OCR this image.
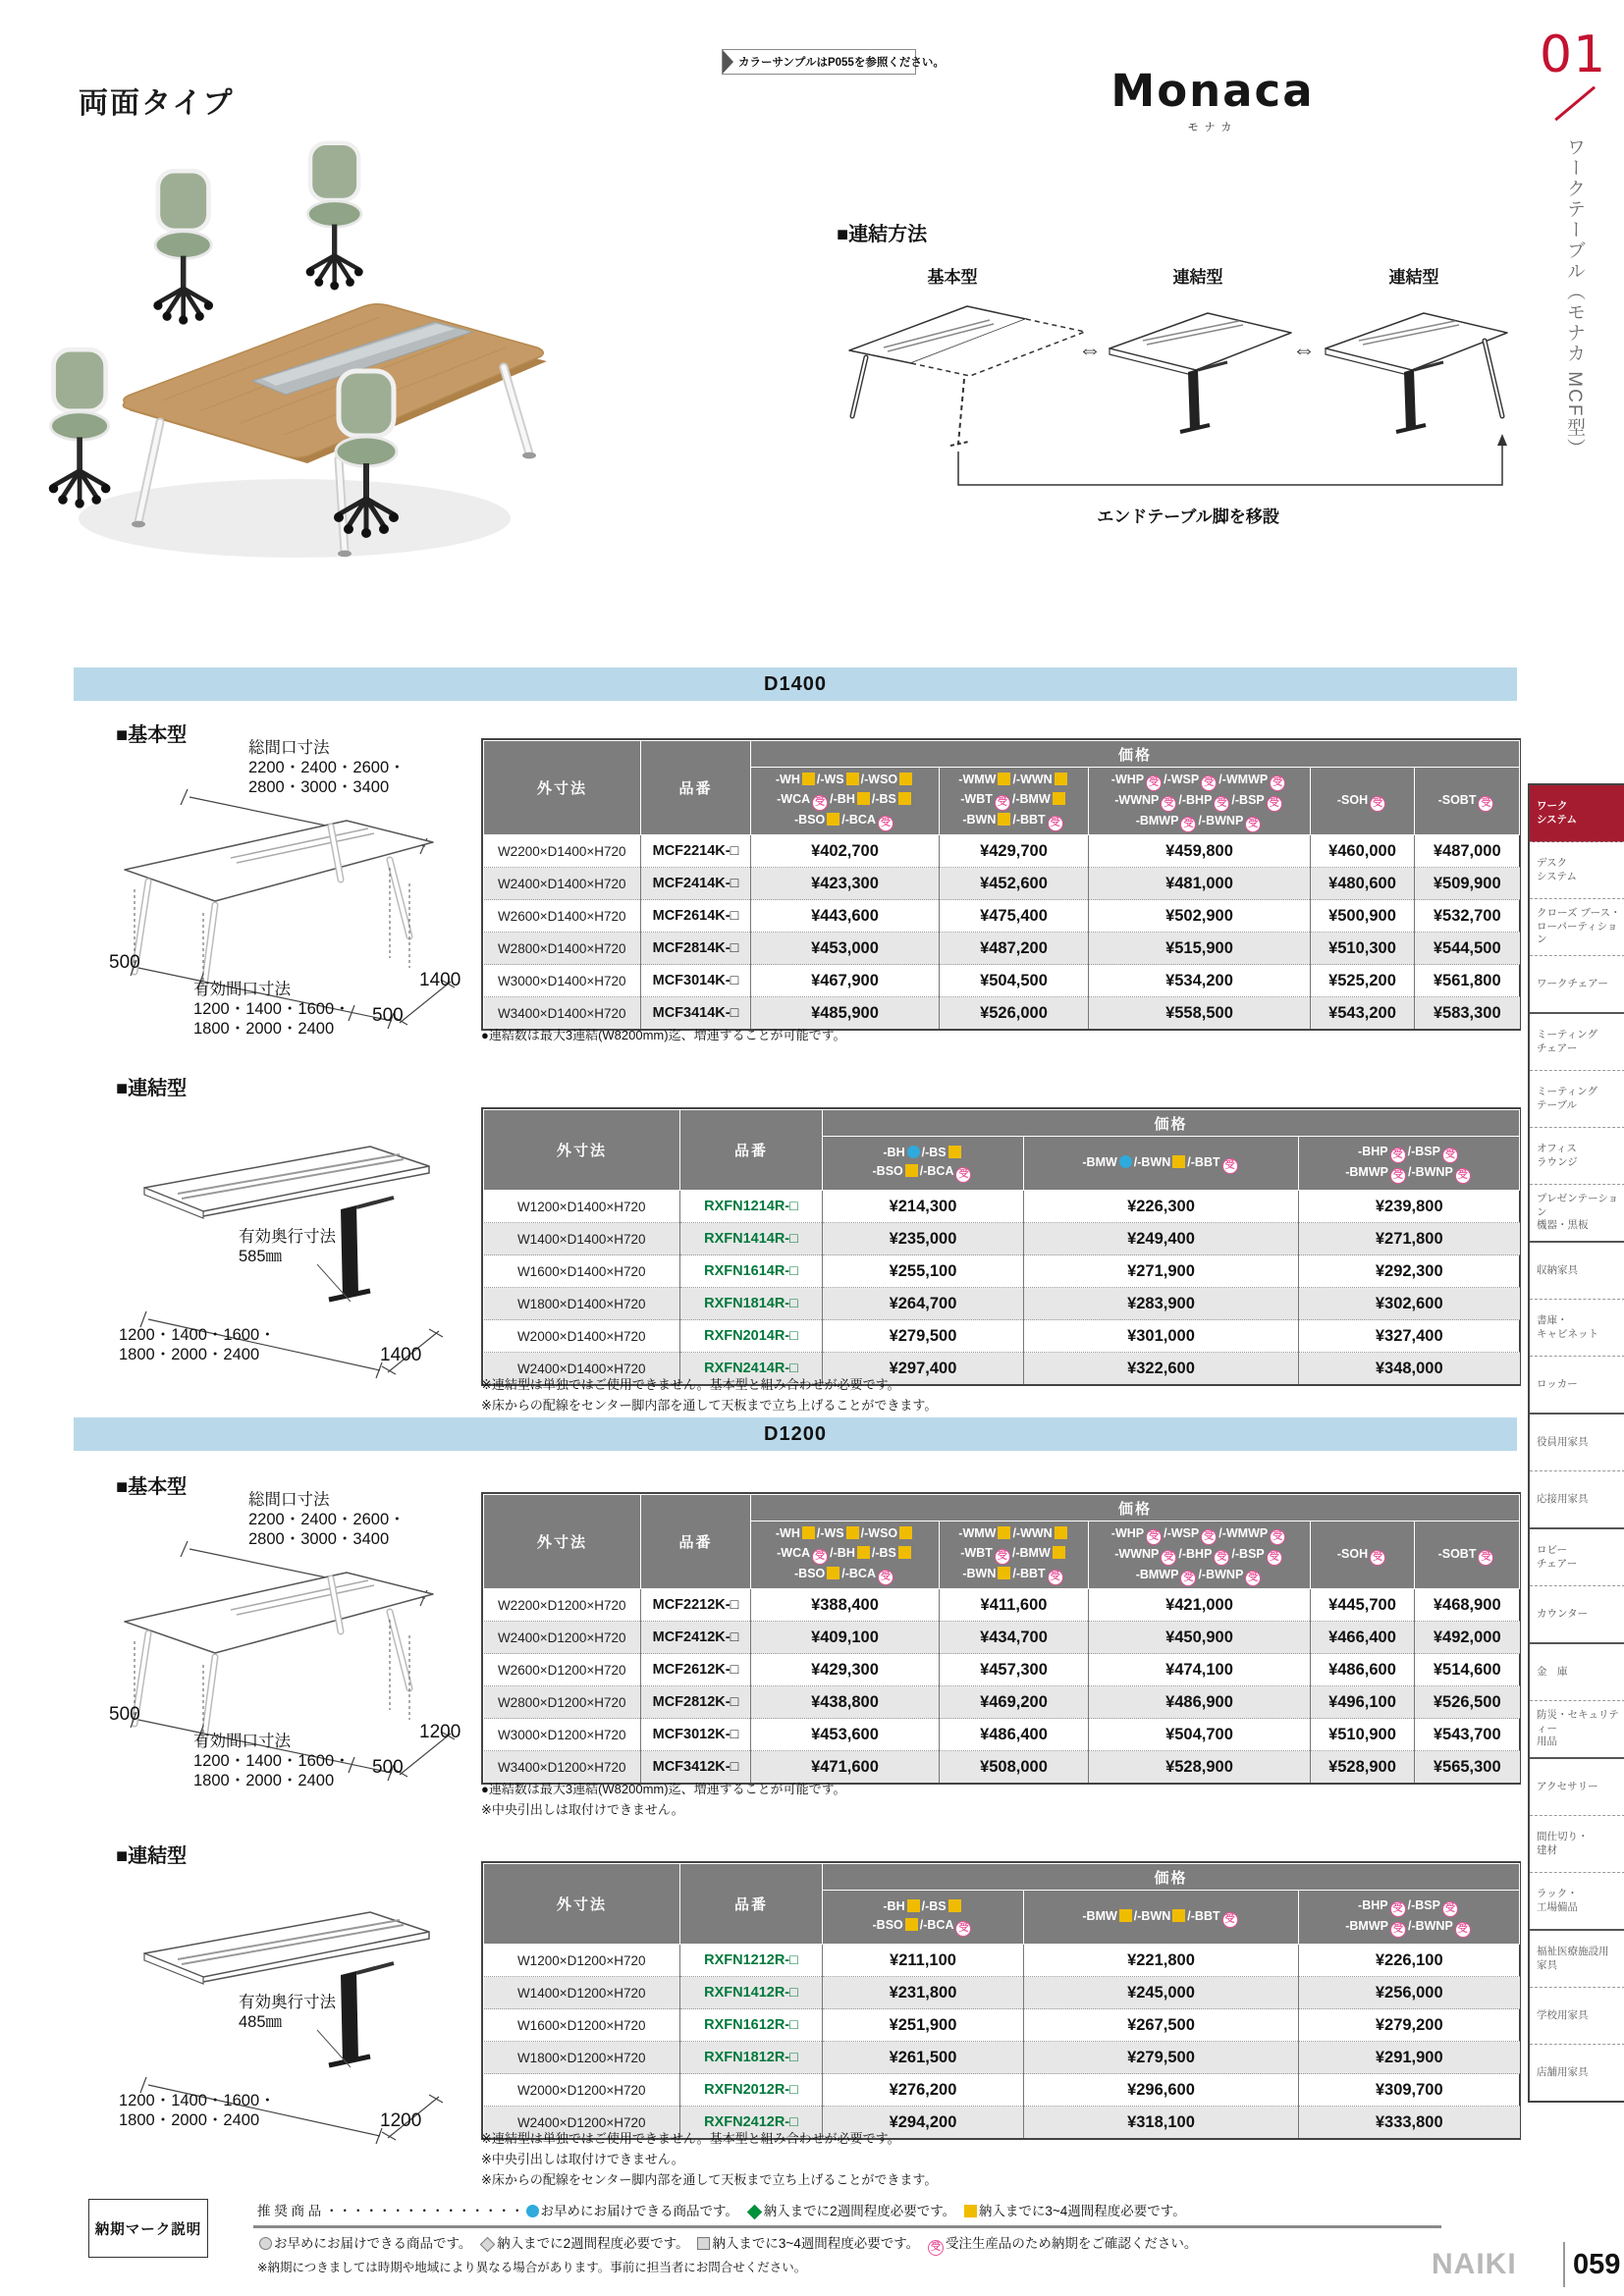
カラーサンプルはP055を参照ください。
Monaca
モナカ
01
ワークテーブル（モナカ MCF型）
両面タイプ
■連結方法
基本型	連結型	連結型
⇔	⇔
エンドテーブル脚を移設
D1400
■基本型
総間口寸法
2200・2400・2600・
2800・3000・3400
500
有効間口寸法
1200・1400・1600・
1800・2000・2400
500
1400
外寸法	品番	価格				
		-WH /-WS /-WSO
-WCA 受 /-BH /-BS
-BSO /-BCA 受	-WMW /-WWN
-WBT 受 /-BMW
-BWN /-BBT 受	-WHP 受 /-WSP 受 /-WMWP 受
-WWNP 受 /-BHP 受 /-BSP 受
-BMWP 受 /-BWNP 受	-SOH 受	-SOBT 受
W2200×D1400×H720	MCF2214K-□	¥402,700	¥429,700	¥459,800	¥460,000	¥487,000
W2400×D1400×H720	MCF2414K-□	¥423,300	¥452,600	¥481,000	¥480,600	¥509,900
W2600×D1400×H720	MCF2614K-□	¥443,600	¥475,400	¥502,900	¥500,900	¥532,700
W2800×D1400×H720	MCF2814K-□	¥453,000	¥487,200	¥515,900	¥510,300	¥544,500
W3000×D1400×H720	MCF3014K-□	¥467,900	¥504,500	¥534,200	¥525,200	¥561,800
W3400×D1400×H720	MCF3414K-□	¥485,900	¥526,000	¥558,500	¥543,200	¥583,300
●連結数は最大3連結(W8200mm)迄、増連することが可能です。
■連結型
有効奥行寸法
585㎜
1200・1400・1600・
1800・2000・2400	1400
外寸法	品番	価格		
		-BH /-BS
-BSO /-BCA 受	-BMW /-BWN /-BBT 受	-BHP 受 /-BSP 受
-BMWP 受 /-BWNP 受
W1200×D1400×H720	RXFN1214R-□	¥214,300	¥226,300	¥239,800
W1400×D1400×H720	RXFN1414R-□	¥235,000	¥249,400	¥271,800
W1600×D1400×H720	RXFN1614R-□	¥255,100	¥271,900	¥292,300
W1800×D1400×H720	RXFN1814R-□	¥264,700	¥283,900	¥302,600
W2000×D1400×H720	RXFN2014R-□	¥279,500	¥301,000	¥327,400
W2400×D1400×H720	RXFN2414R-□	¥297,400	¥322,600	¥348,000
※連結型は単独ではご使用できません。基本型と組み合わせが必要です。
※床からの配線をセンター脚内部を通して天板まで立ち上げることができます。
D1200
■基本型
総間口寸法
2200・2400・2600・
2800・3000・3400
500
有効間口寸法
1200・1400・1600・
1800・2000・2400
500
1200
外寸法	品番	価格				
		-WH /-WS /-WSO
-WCA 受 /-BH /-BS
-BSO /-BCA 受	-WMW /-WWN
-WBT 受 /-BMW
-BWN /-BBT 受	-WHP 受 /-WSP 受 /-WMWP 受
-WWNP 受 /-BHP 受 /-BSP 受
-BMWP 受 /-BWNP 受	-SOH 受	-SOBT 受
W2200×D1200×H720	MCF2212K-□	¥388,400	¥411,600	¥421,000	¥445,700	¥468,900
W2400×D1200×H720	MCF2412K-□	¥409,100	¥434,700	¥450,900	¥466,400	¥492,000
W2600×D1200×H720	MCF2612K-□	¥429,300	¥457,300	¥474,100	¥486,600	¥514,600
W2800×D1200×H720	MCF2812K-□	¥438,800	¥469,200	¥486,900	¥496,100	¥526,500
W3000×D1200×H720	MCF3012K-□	¥453,600	¥486,400	¥504,700	¥510,900	¥543,700
W3400×D1200×H720	MCF3412K-□	¥471,600	¥508,000	¥528,900	¥528,900	¥565,300
●連結数は最大3連結(W8200mm)迄、増連することが可能です。
※中央引出しは取付けできません。
■連結型
有効奥行寸法
485㎜
1200・1400・1600・
1800・2000・2400	1200
外寸法	品番	価格		
		-BH /-BS
-BSO /-BCA 受	-BMW /-BWN /-BBT 受	-BHP 受 /-BSP 受
-BMWP 受 /-BWNP 受
W1200×D1200×H720	RXFN1212R-□	¥211,100	¥221,800	¥226,100
W1400×D1200×H720	RXFN1412R-□	¥231,800	¥245,000	¥256,000
W1600×D1200×H720	RXFN1612R-□	¥251,900	¥267,500	¥279,200
W1800×D1200×H720	RXFN1812R-□	¥261,500	¥279,500	¥291,900
W2000×D1200×H720	RXFN2012R-□	¥276,200	¥296,600	¥309,700
W2400×D1200×H720	RXFN2412R-□	¥294,200	¥318,100	¥333,800
※連結型は単独ではご使用できません。基本型と組み合わせが必要です。
※中央引出しは取付けできません。
※床からの配線をセンター脚内部を通して天板まで立ち上げることができます。
納期マーク説明
推 奨 商 品 ・・・・・・・・・・・・・・・ お早めにお届けできる商品です。　納入までに2週間程度必要です。　納入までに3~4週間程度必要です。
お早めにお届けできる商品です。　納入までに2週間程度必要です。　納入までに3~4週間程度必要です。　受 受注生産品のため納期をご確認ください。
※納期につきましては時期や地域により異なる場合があります。事前に担当者にお問合せください。
ワーク
システム
デスク
システム
クローズ ブース・
ローパーティション
ワークチェアー
ミーティング
チェアー
ミーティング
テーブル
オフィス
ラウンジ
プレゼンテーション
機器・黒板
収納家具
書庫・
キャビネット
ロッカー
役員用家具
応接用家具
ロビー
チェアー
カウンター
金　庫
防災・セキュリティー
用品
アクセサリー
間仕切り・
建材
ラック・
工場備品
福祉医療施設用
家具
学校用家具
店舗用家具
NAIKI 059
